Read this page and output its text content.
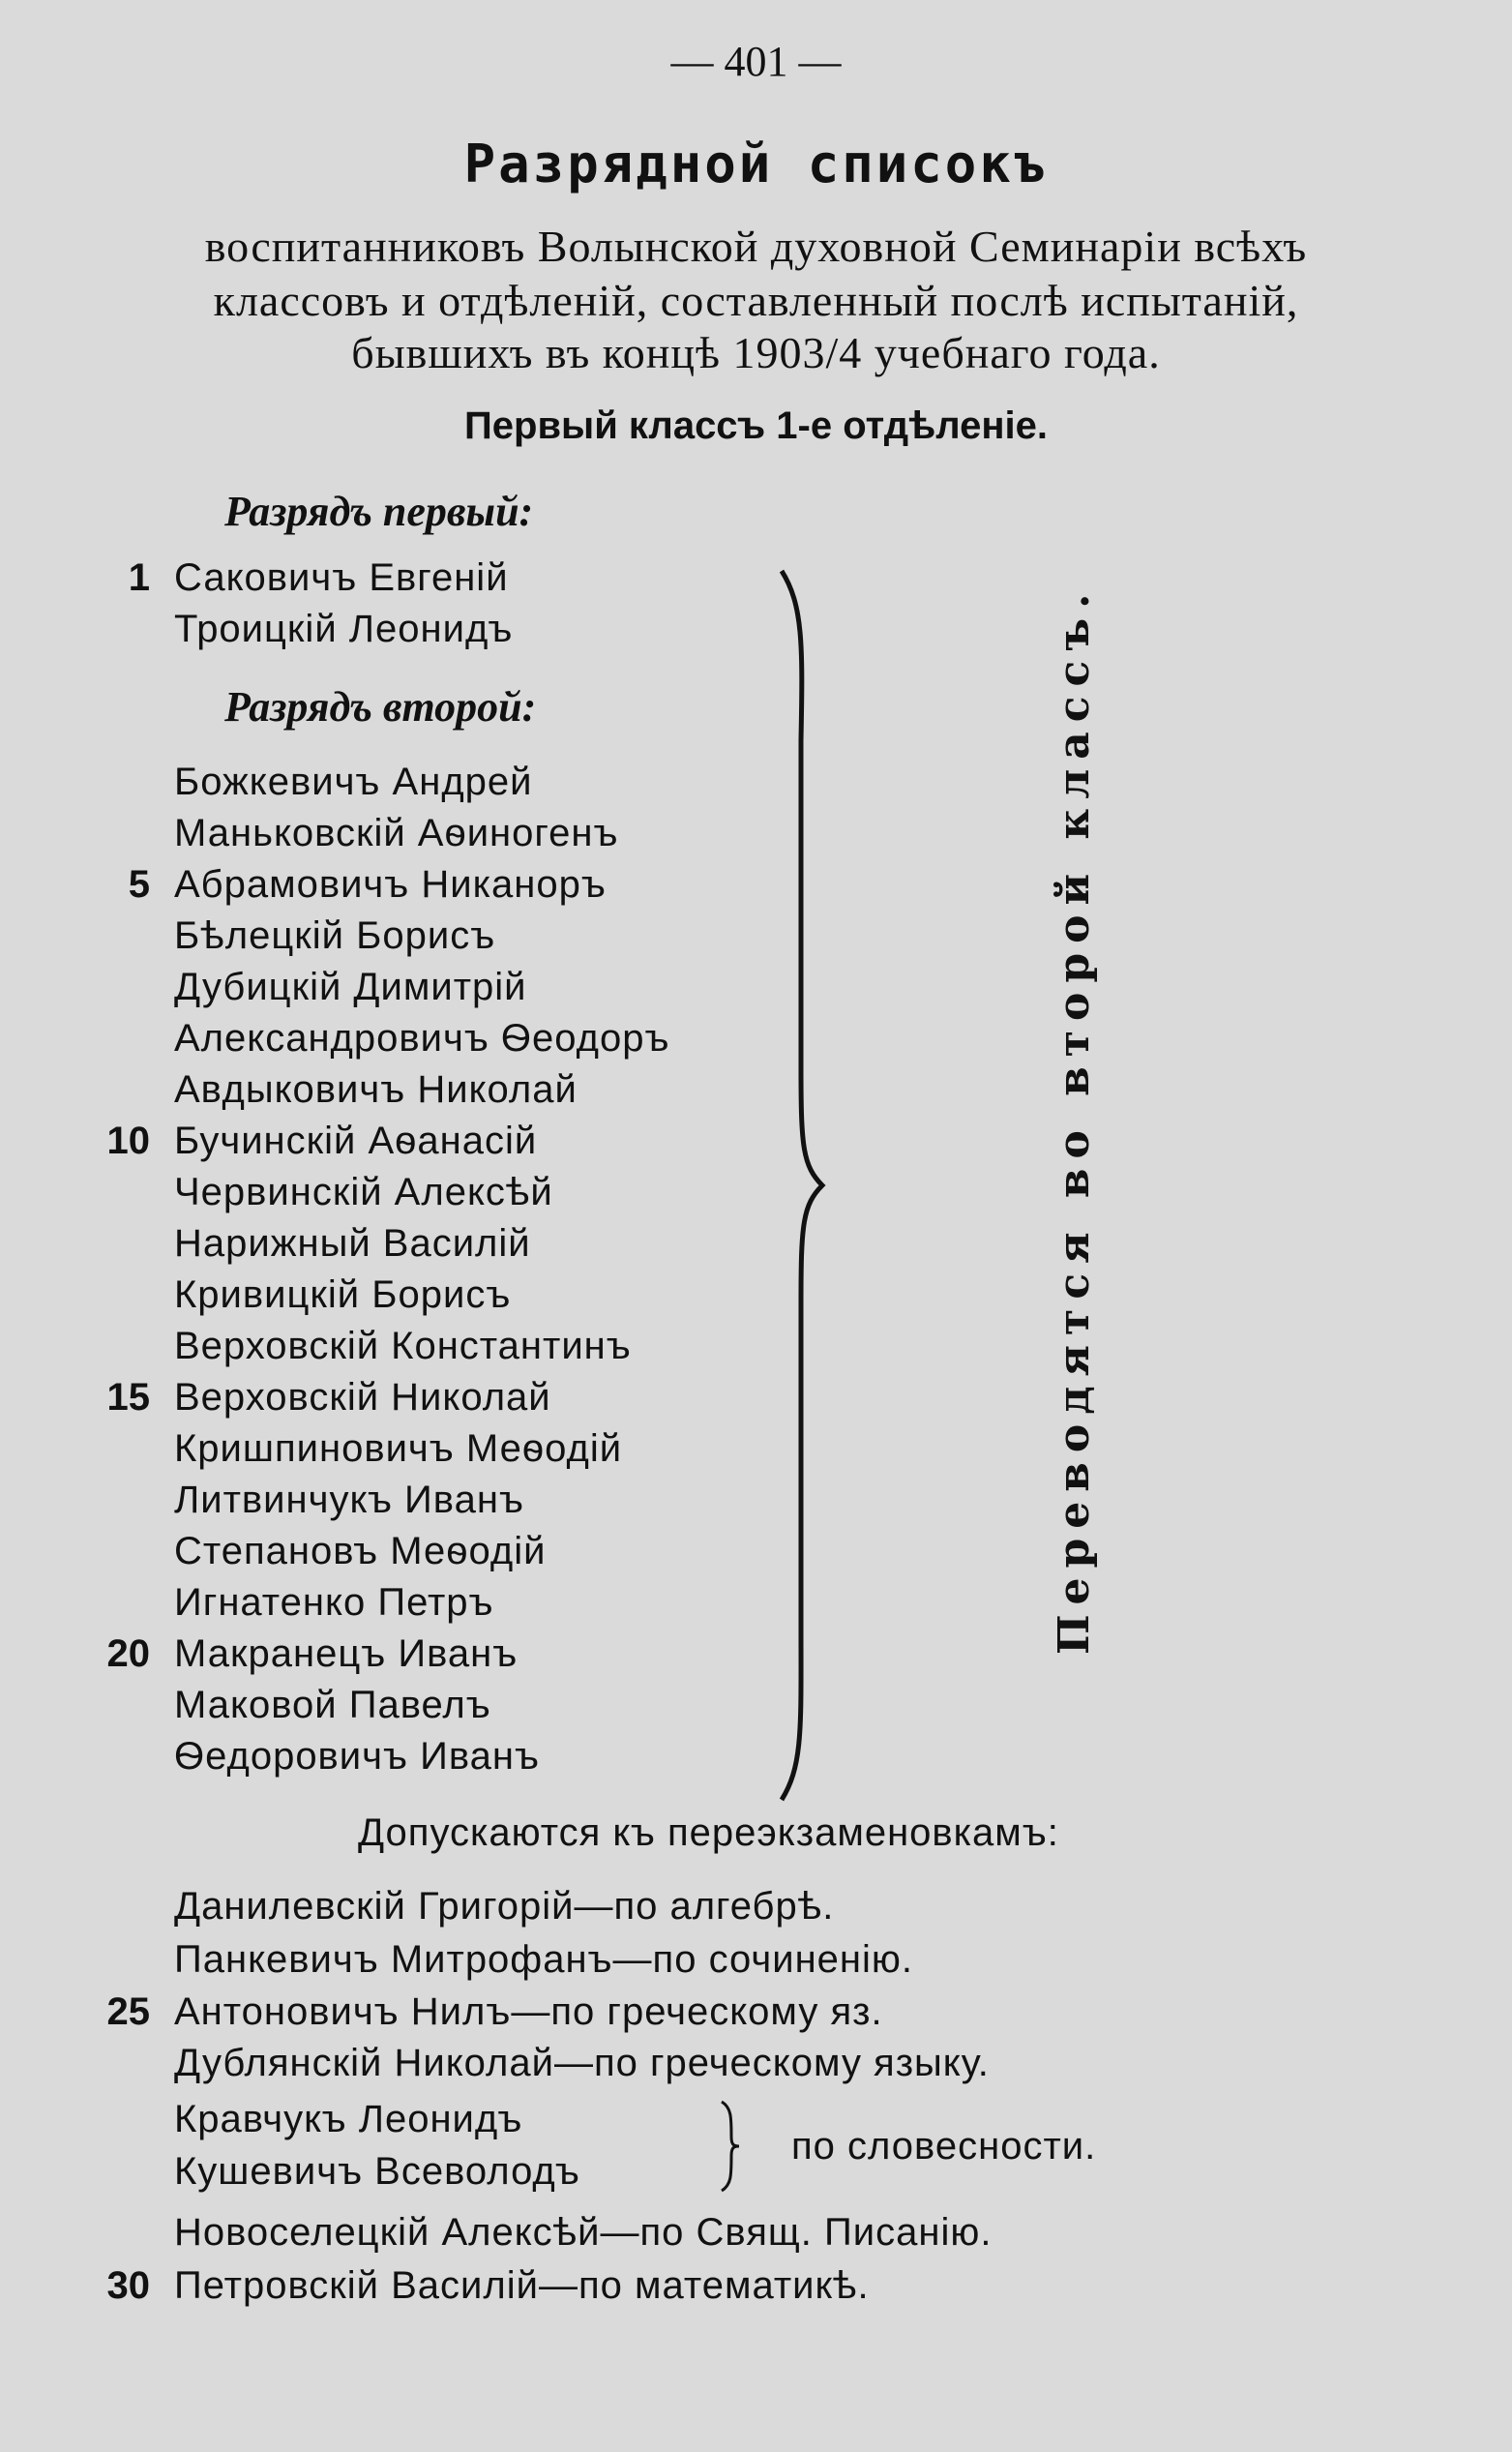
— 401 —
Разрядной списокъ
воспитанниковъ Волынской духовной Семинаріи всѣхъ
классовъ и отдѣленій, составленный послѣ испытаній,
бывшихъ въ концѣ 1903/4 учебнаго года.
Первый классъ 1-е отдѣленіе.
Разрядъ первый:
1 Саковичъ Евгеній
Троицкій Леонидъ
Разрядъ второй:
Божкевичъ Андрей
Маньковскій Аѳиногенъ
5 Абрамовичъ Никаноръ
Бѣлецкій Борисъ
Дубицкій Димитрій
Александровичъ Ѳеодоръ
Авдыковичъ Николай
10 Бучинскій Аѳанасій
Червинскій Алексѣй
Нарижный Василій
Кривицкій Борисъ
Верховскій Константинъ
15 Верховскій Николай
Кришпиновичъ Меѳодій
Литвинчукъ Иванъ
Степановъ Меѳодій
Игнатенко Петръ
20 Макранецъ Иванъ
Маковой Павелъ
Ѳедоровичъ Иванъ
Переводятся во второй классъ.
Допускаются къ переэкзаменовкамъ:
Данилевскій Григорій—по алгебрѣ.
Панкевичъ Митрофанъ—по сочиненію.
25 Антоновичъ Нилъ—по греческому яз.
Дублянскій Николай—по греческому языку.
Кравчукъ Леонидъ
Кушевичъ Всеволодъ
по словесности.
Новоселецкій Алексѣй—по Свящ. Писанію.
30 Петровскій Василій—по математикѣ.
